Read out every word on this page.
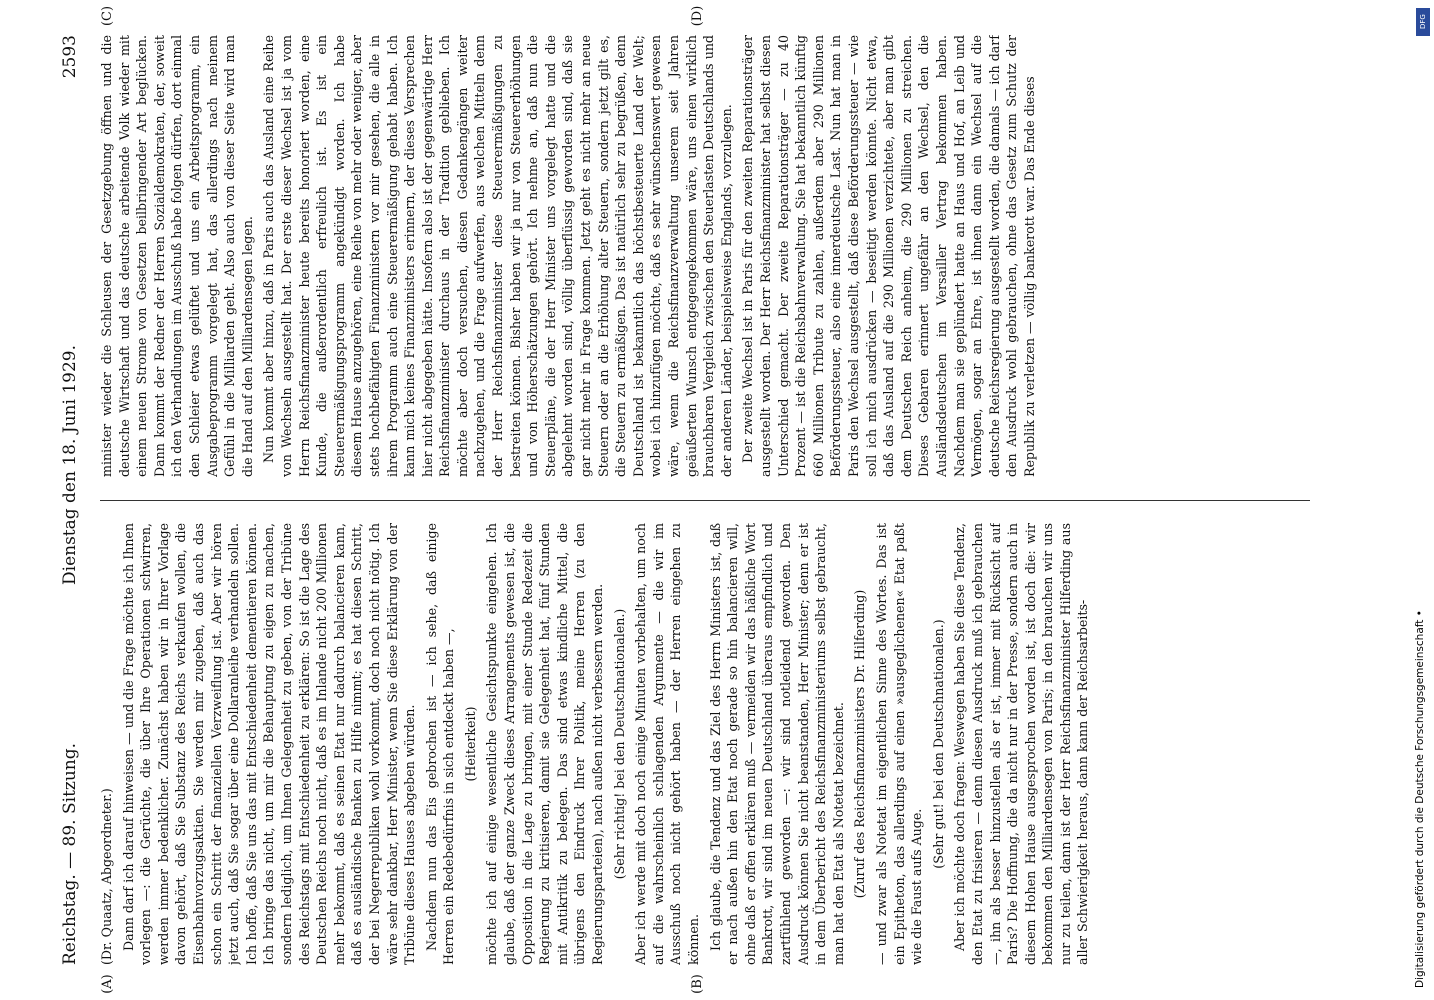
Reichstag. — 89. Sitzung.
Dienstag den 18. Juni 1929.
2593

(Dr. Quaatz, Abgeordneter.) Dann darf ich darauf hinweisen — und die Frage möchte ich Ihnen vorlegen —: die Gerüchte, die über Ihre Operationen schwirren, werden immer bedenklicher. Zunächst haben wir in Ihrer Vorlage davon gehört, daß Sie Substanz des Reichs verkaufen wollen, die Eisenbahnvorzugsaktien. Sie werden mir zugeben, daß auch das schon ein Schritt der finanziellen Verzweiflung ist. Aber wir hören jetzt auch, daß Sie sogar über eine Dollaranleihe verhandeln sollen. Ich hoffe, daß Sie uns das mit Entschiedenheit dementieren können. Ich bringe das nicht, um mir die Behauptung zu eigen zu machen, sondern lediglich, um Ihnen Gelegenheit zu geben, von der Tribüne des Reichstags mit Entschiedenheit zu erklären: So ist die Lage des Deutschen Reichs noch nicht, daß es im Inlande nicht 200 Millionen mehr bekommt, daß es seinen Etat nur dadurch balancieren kann, daß es ausländische Banken zu Hilfe nimmt; es hat diesen Schritt, der bei Negerrepubliken wohl vorkommt, doch noch nicht nötig. Ich wäre sehr dankbar, Herr Minister, wenn Sie diese Erklärung von der Tribüne dieses Hauses abgeben würden. Nachdem nun das Eis gebrochen ist — ich sehe, daß einige Herren ein Redebedürfnis in sich entdeckt haben —, (Heiterkeit) möchte ich auf einige wesentliche Gesichtspunkte eingehen. Ich glaube, daß der ganze Zweck dieses Arrangements gewesen ist, die Opposition in die Lage zu bringen, mit einer Stunde Redezeit die Regierung zu kritisieren, damit sie Gelegenheit hat, fünf Stunden mit Antikritik zu belegen. Das sind etwas kindliche Mittel, die übrigens den Eindruck Ihrer Politik, meine Herren (zu den Regierungsparteien), nach außen nicht verbessern werden. (Sehr richtig! bei den Deutschnationalen.) Aber ich werde mit doch noch einige Minuten vorbehalten, um noch auf die wahrscheinlich schlagenden Argumente — die wir im Ausschuß noch nicht gehört haben — der Herren eingehen zu können. Ich glaube, die Tendenz und das Ziel des Herrn Ministers ist, daß er nach außen hin den Etat noch gerade so hin balancieren will, ohne daß er offen erklären muß — vermeiden wir das häßliche Wort Bankrott, wir sind im neuen Deutschland überaus empfindlich und zartfühlend geworden —: wir sind notleidend geworden. Den Ausdruck können Sie nicht beanstanden, Herr Minister; denn er ist in dem Überbericht des Reichsfinanzministeriums selbst gebraucht, man hat den Etat als Notetat bezeichnet. (Zuruf des Reichsfinanzministers Dr. Hilferding) — und zwar als Notetat im eigentlichen Sinne des Wortes. Das ist ein Epitheton, das allerdings auf einen »ausgeglichenen« Etat paßt wie die Faust aufs Auge.

(Sehr gut! bei den Deutschnationalen.) Aber ich möchte doch fragen: Weswegen haben Sie diese Tendenz, den Etat zu frisieren — denn diesen Ausdruck muß ich gebrauchen —, ihn als besser hinzustellen als er ist, immer mit Rücksicht auf Paris? Die Hoffnung, die da nicht nur in der Presse, sondern auch in diesem Hohen Hause ausgesprochen worden ist, ist doch die: wir bekommen den Milliardensegen von Paris; in den brauchen wir uns nur zu teilen, dann ist der Herr Reichsfinanzminister Hilferding aus aller Schwierigkeit heraus, dann kann der Reichsarbeits-

minister wieder die Schleusen der Gesetzgebung öffnen und die deutsche Wirtschaft und das deutsche arbeitende Volk wieder mit einem neuen Strome von Gesetzen beilbringender Art beglücken. Dann kommt der Redner der Herren Sozialdemokraten, der, soweit ich den Verhandlungen im Ausschuß habe folgen dürfen, dort einmal den Schleier etwas gelüftet und uns ein Arbeitsprogramm, ein Ausgabeprogramm vorgelegt hat, das allerdings nach meinem Gefühl in die Milliarden geht. Also auch von dieser Seite wird man die Hand auf den Milliardensegen legen. Nun kommt aber hinzu, daß in Paris auch das Ausland eine Reihe von Wechseln ausgestellt hat. Der erste dieser Wechsel ist ja vom Herrn Reichsfinanzminister heute bereits honoriert worden, eine Kunde, die außerordentlich erfreulich ist. Es ist ein Steuerermäßigungsprogramm angekündigt worden. Ich habe diesem Hause anzugehören, eine Reihe von mehr oder weniger, aber stets hochbefähigten Finanzministern vor mir gesehen, die alle in ihrem Programm auch eine Steuerermäßigung gehabt haben. Ich kann mich keines Finanzministers erinnern, der dieses Versprechen hier nicht abgegeben hätte. Insofern also ist der gegenwärtige Herr Reichsfinanzminister durchaus in der Tradition geblieben. Ich möchte aber doch versuchen, diesen Gedankengängen weiter nachzugehen, und die Frage aufwerfen, aus welchen Mitteln denn der Herr Reichsfinanzminister diese Steuerermäßigungen zu bestreiten können. Bisher haben wir ja nur von Steuererhöhungen und von Höherschätzungen gehört. Ich nehme an, daß nun die Steuerpläne, die der Herr Minister uns vorgelegt hatte und die abgelehnt worden sind, völlig überflüssig geworden sind, daß sie gar nicht mehr in Frage kommen. Jetzt geht es nicht mehr an neue Steuern oder an die Erhöhung alter Steuern, sondern jetzt gilt es, die Steuern zu ermäßigen. Das ist natürlich sehr zu begrüßen, denn Deutschland ist bekanntlich das höchstbesteuerte Land der Welt; wobei ich hinzufügen möchte, daß es sehr wünschenswert gewesen wäre, wenn die Reichsfinanzverwaltung unserem seit Jahren geäußerten Wunsch entgegengekommen wäre, uns einen wirklich brauchbaren Vergleich zwischen den Steuerlasten Deutschlands und der anderen Länder, beispielsweise Englands, vorzulegen. Der zweite Wechsel ist in Paris für den zweiten Reparationsträger ausgestellt worden. Der Herr Reichsfinanzminister hat selbst diesen Unterschied gemacht. Der zweite Reparationsträger — zu 40 Prozent — ist die Reichsbahnverwaltung. Sie hat bekanntlich künftig 660 Millionen Tribute zu zahlen, außerdem aber 290 Millionen Beförderungssteuer, also eine innerdeutsche Last. Nun hat man in Paris den Wechsel ausgestellt, daß diese Beförderungssteuer — wie soll ich mich ausdrücken — beseitigt werden könnte. Nicht etwa, daß das Ausland auf die 290 Millionen verzichtete, aber man gibt dem Deutschen Reich anheim, die 290 Millionen zu streichen. Dieses Gebaren erinnert ungefähr an den Wechsel, den die Ausländsdeutschen im Versailler Vertrag bekommen haben. Nachdem man sie geplündert hatte an Haus und Hof, an Leib und Vermögen, sogar an Ehre, ist ihnen dann ein Wechsel auf die deutsche Reichsregierung ausgestellt worden, die damals — ich darf den Ausdruck wohl gebrauchen, ohne das Gesetz zum Schutz der Republik zu verletzen — völlig bankerott war. Das Ende dieses

(A)	(B)
(C)	(D)	DFG
Digitalisierung gefördert durch die Deutsche Forschungsgemeinschaft •
